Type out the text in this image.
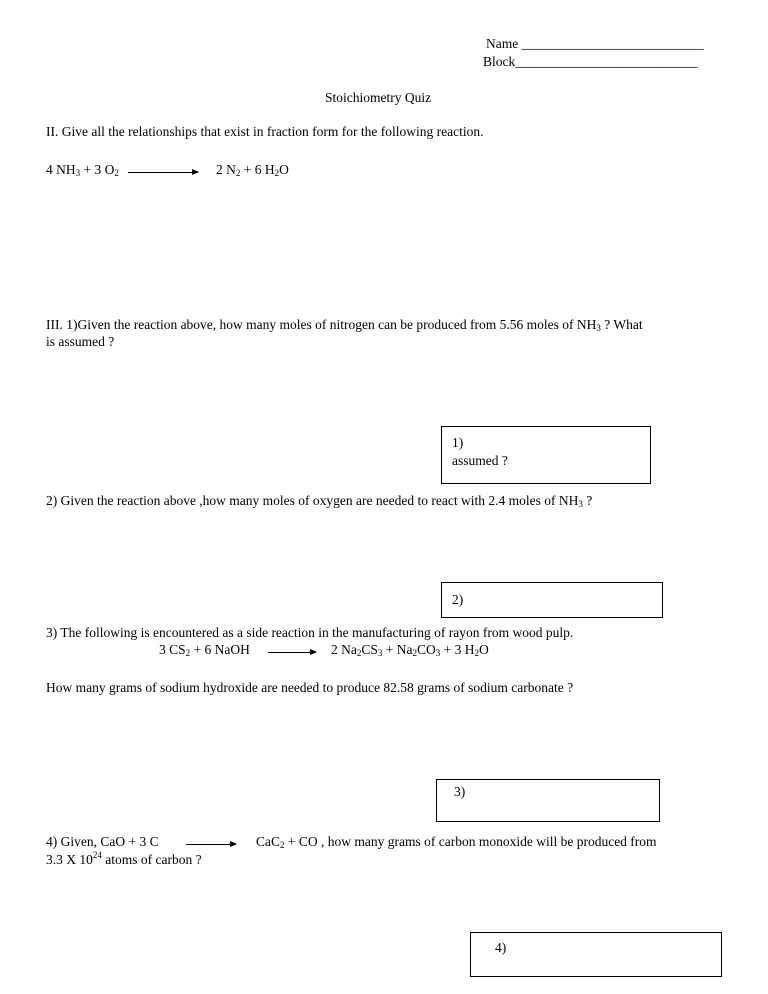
Name ___________________________
Block___________________________
Stoichiometry Quiz
II. Give all the relationships that exist in fraction form for the following reaction.
4 $NH_3 + 3$ $O_2$	2 $N_2 + 6$ $H_2O$
III. 1)Given the reaction above, how many moles of nitrogen can be produced from 5.56 moles of $NH_3$ ? What
is assumed ?
1)
assumed ?
2) Given the reaction above ,how many moles of oxygen are needed to react with 2.4 moles of $NH_3$ ?
2)
3) The following is encountered as a side reaction in the manufacturing of rayon from wood pulp.
3 $CS_2 + 6$ NaOH → 2 $Na_2CS_3 + Na_2CO_3 + 3$ $H_2O$
How many grams of sodium hydroxide are needed to produce 82.58 grams of sodium carbonate ?
3)
4) Given, CaO + 3 C → CaC$_2$ + CO , how many grams of carbon monoxide will be produced from
3.3 X $10^{24}$ atoms of carbon ?
4)
